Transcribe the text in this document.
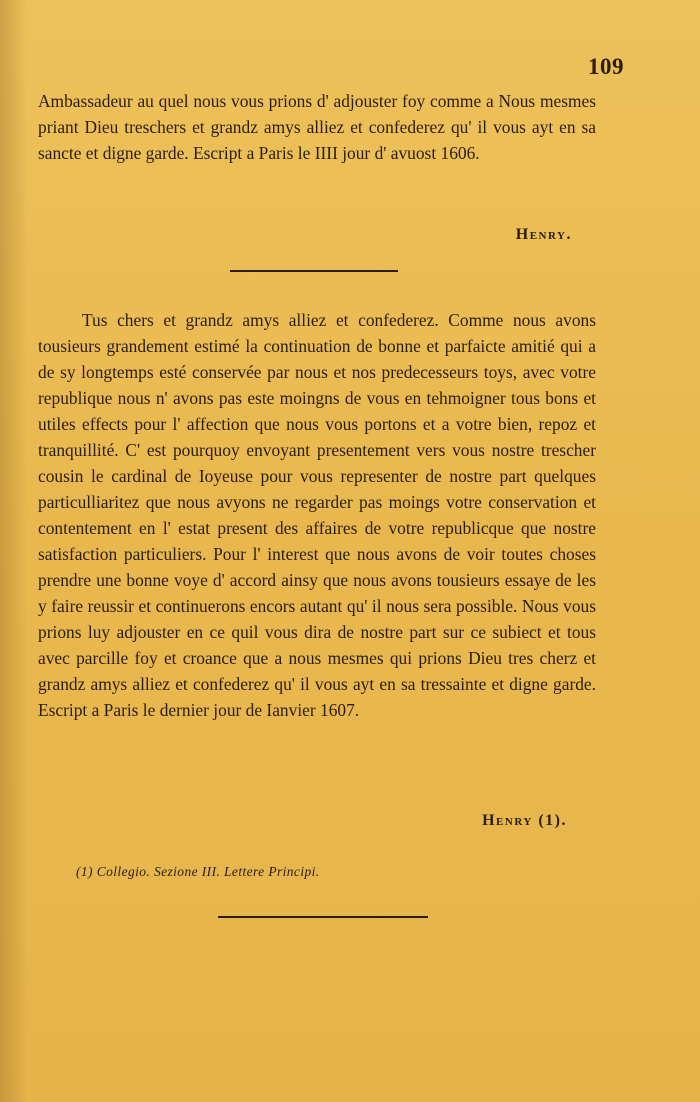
109

Ambassadeur au quel nous vous prions d' adjouster foy comme a Nous mesmes priant Dieu treschers et grandz amys alliez et confederez qu' il vous ayt en sa sancte et digne garde. Escript a Paris le IIII jour d' avuost 1606.

Henry.

Tus chers et grandz amys alliez et confederez. Comme nous avons tousieurs grandement estimé la continuation de bonne et parfaicte amitié qui a de sy longtemps esté conservée par nous et nos predecesseurs toys, avec votre republique nous n' avons pas este moingns de vous en tehmoigner tous bons et utiles effects pour l' affection que nous vous portons et a votre bien, repoz et tranquillité. C' est pourquoy envoyant presentement vers vous nostre trescher cousin le cardinal de Ioyeuse pour vous representer de nostre part quelques particulliaritez que nous avyons ne regarder pas moings votre conservation et contentement en l' estat present des affaires de votre republicque que nostre satisfaction particuliers. Pour l' interest que nous avons de voir toutes choses prendre une bonne voye d' accord ainsy que nous avons tousieurs essaye de les y faire reussir et continuerons encors autant qu' il nous sera possible. Nous vous prions luy adjouster en ce quil vous dira de nostre part sur ce subiect et tous avec parcille foy et croance que a nous mesmes qui prions Dieu tres cherz et grandz amys alliez et confederez qu' il vous ayt en sa tressainte et digne garde. Escript a Paris le dernier jour de Ianvier 1607.

Henry (1).
(1) Collegio. Sezione III. Lettere Principi.
